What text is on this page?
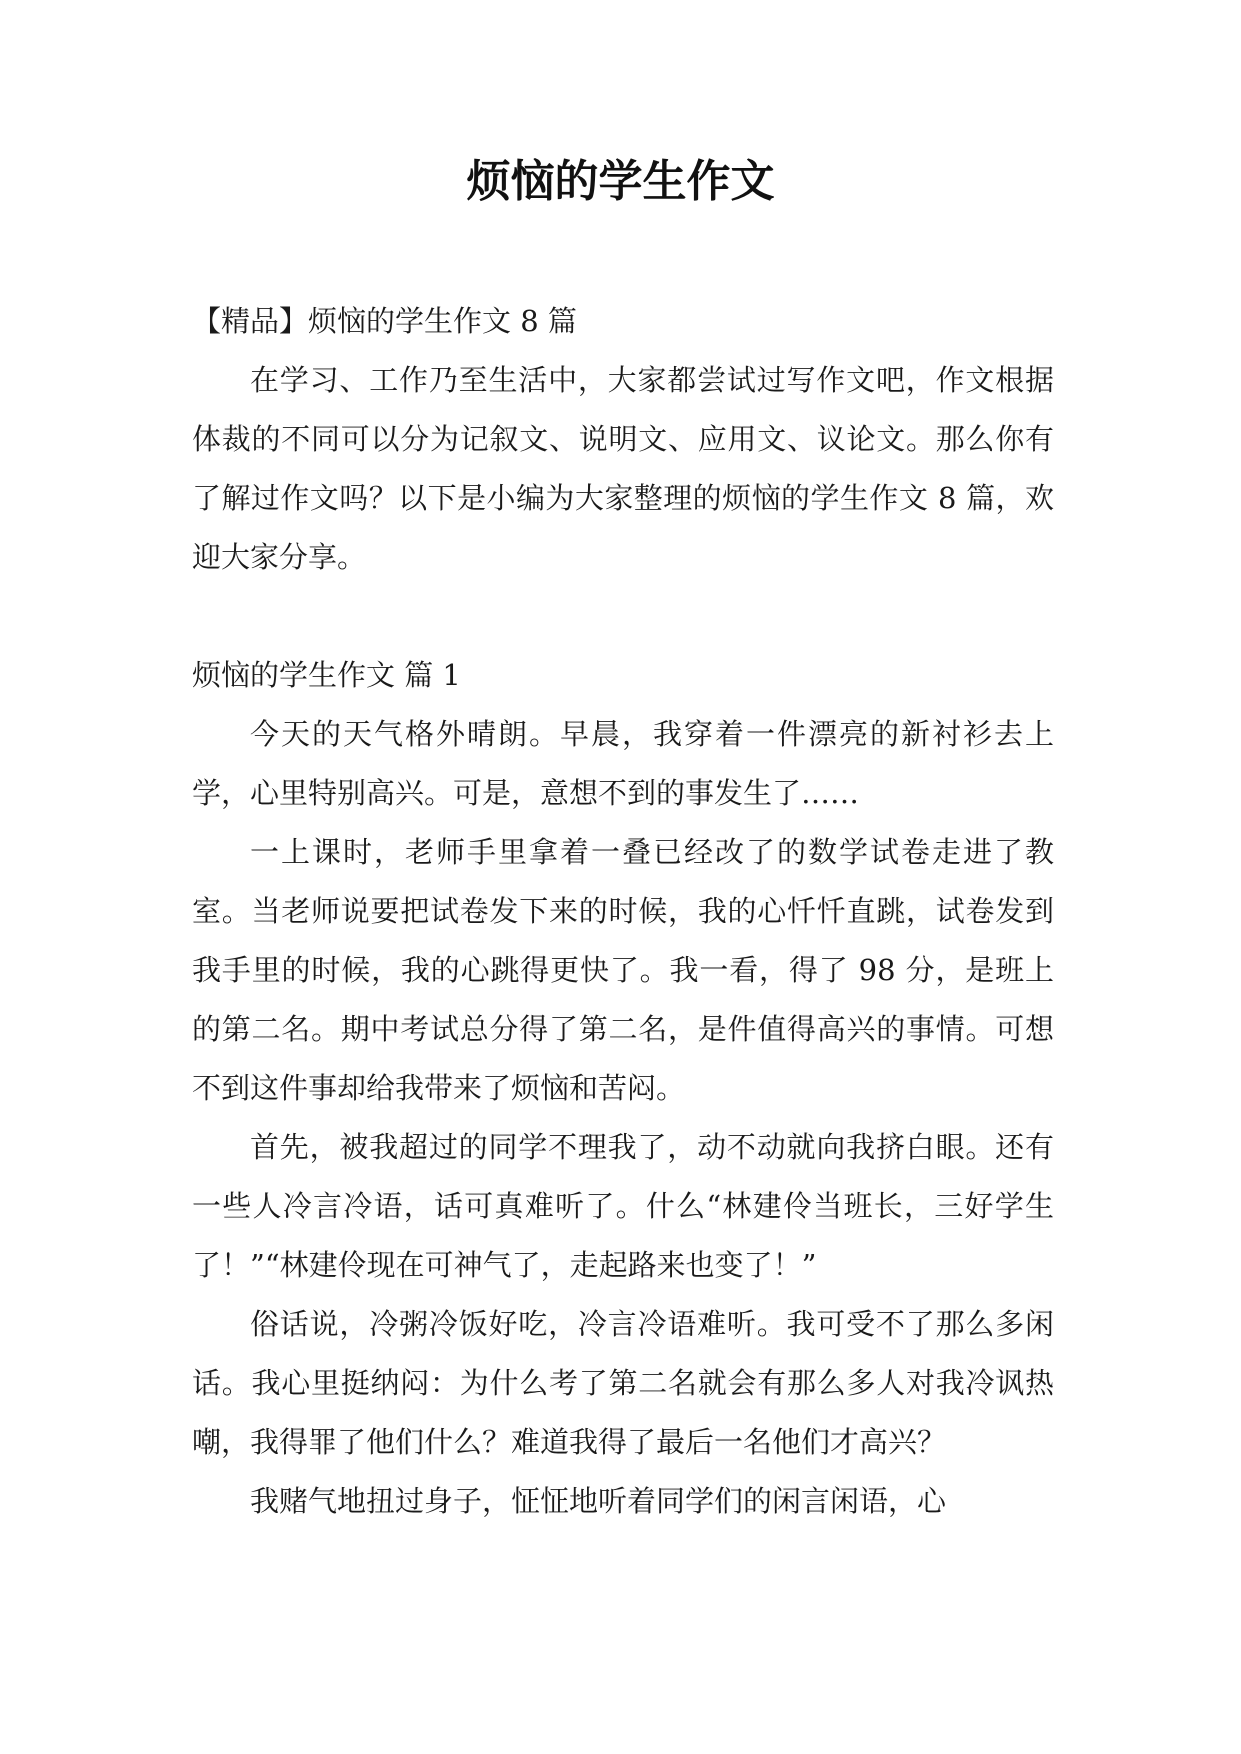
烦恼的学生作文

【精品】烦恼的学生作文 8 篇

在学习、工作乃至生活中，大家都尝试过写作文吧，作文根据体裁的不同可以分为记叙文、说明文、应用文、议论文。那么你有了解过作文吗？以下是小编为大家整理的烦恼的学生作文 8 篇，欢迎大家分享。

烦恼的学生作文 篇 1

今天的天气格外晴朗。早晨，我穿着一件漂亮的新衬衫去上学，心里特别高兴。可是，意想不到的事发生了……

一上课时，老师手里拿着一叠已经改了的数学试卷走进了教室。当老师说要把试卷发下来的时候，我的心忏忏直跳，试卷发到我手里的时候，我的心跳得更快了。我一看，得了 98 分，是班上的第二名。期中考试总分得了第二名，是件值得高兴的事情。可想不到这件事却给我带来了烦恼和苦闷。

首先，被我超过的同学不理我了，动不动就向我挤白眼。还有一些人冷言冷语，话可真难听了。什么“林建伶当班长，三好学生了！”“林建伶现在可神气了，走起路来也变了！”

俗话说，冷粥冷饭好吃，冷言冷语难听。我可受不了那么多闲话。我心里挺纳闷：为什么考了第二名就会有那么多人对我冷讽热嘲，我得罪了他们什么？难道我得了最后一名他们才高兴？

我赌气地扭过身子，怔怔地听着同学们的闲言闲语，心
